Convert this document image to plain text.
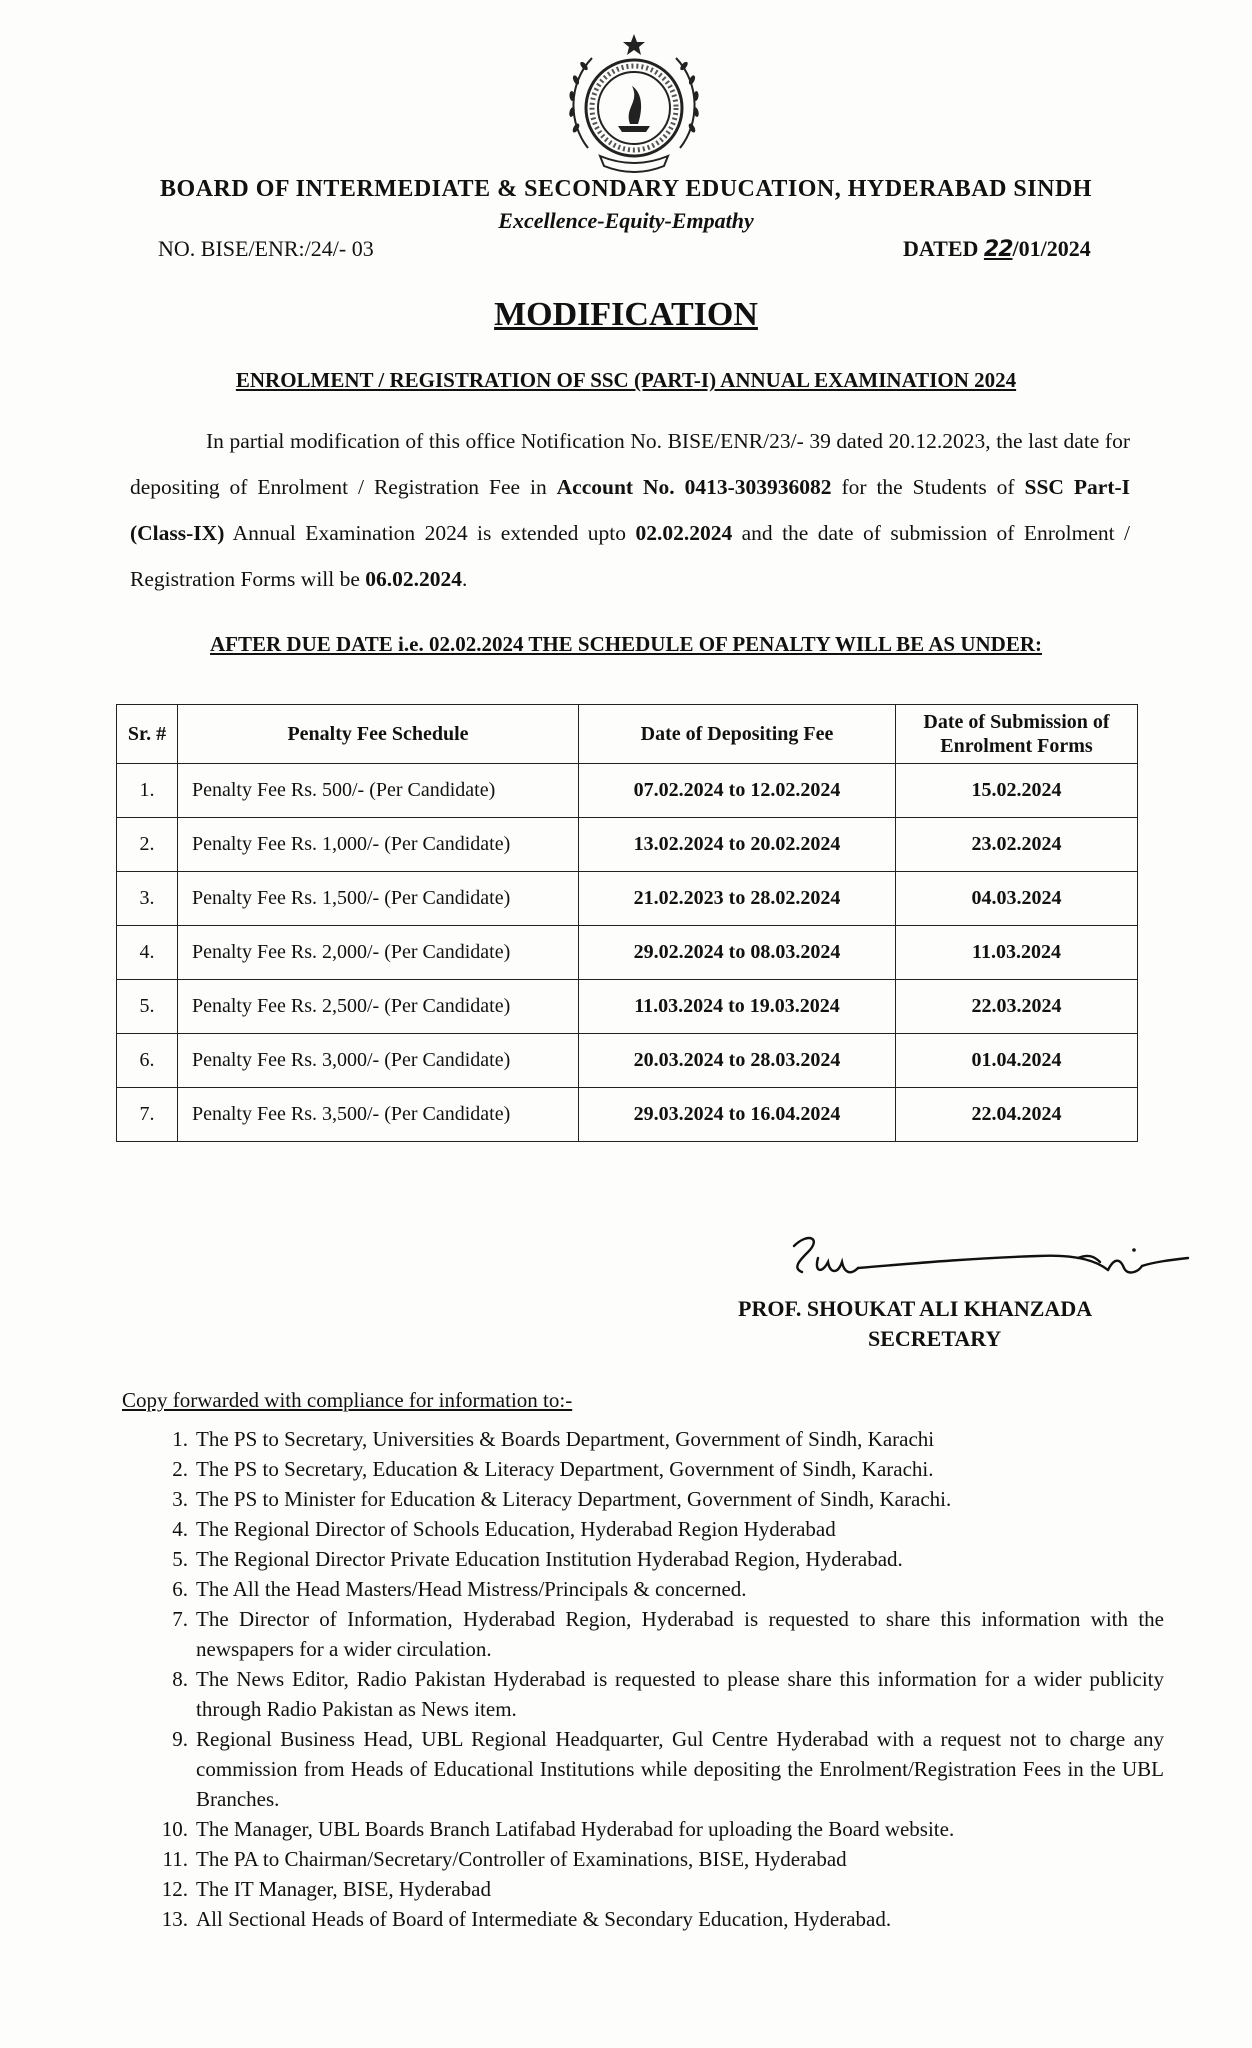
BOARD OF INTERMEDIATE & SECONDARY EDUCATION, HYDERABAD SINDH
Excellence-Equity-Empathy
NO. BISE/ENR:/24/- 03	DATED 22/01/2024
MODIFICATION
ENROLMENT / REGISTRATION OF SSC (PART-I) ANNUAL EXAMINATION 2024
In partial modification of this office Notification No. BISE/ENR/23/- 39 dated 20.12.2023, the last date for depositing of Enrolment / Registration Fee in Account No. 0413-303936082 for the Students of SSC Part-I (Class-IX) Annual Examination 2024 is extended upto 02.02.2024 and the date of submission of Enrolment / Registration Forms will be 06.02.2024.
AFTER DUE DATE i.e. 02.02.2024 THE SCHEDULE OF PENALTY WILL BE AS UNDER:
Sr. #	Penalty Fee Schedule	Date of Depositing Fee	Date of Submission of Enrolment Forms
1.	Penalty Fee Rs. 500/- (Per Candidate)	07.02.2024 to 12.02.2024	15.02.2024
2.	Penalty Fee Rs. 1,000/- (Per Candidate)	13.02.2024 to 20.02.2024	23.02.2024
3.	Penalty Fee Rs. 1,500/- (Per Candidate)	21.02.2023 to 28.02.2024	04.03.2024
4.	Penalty Fee Rs. 2,000/- (Per Candidate)	29.02.2024 to 08.03.2024	11.03.2024
5.	Penalty Fee Rs. 2,500/- (Per Candidate)	11.03.2024 to 19.03.2024	22.03.2024
6.	Penalty Fee Rs. 3,000/- (Per Candidate)	20.03.2024 to 28.03.2024	01.04.2024
7.	Penalty Fee Rs. 3,500/- (Per Candidate)	29.03.2024 to 16.04.2024	22.04.2024
PROF. SHOUKAT ALI KHANZADA
SECRETARY
Copy forwarded with compliance for information to:-
1. The PS to Secretary, Universities & Boards Department, Government of Sindh, Karachi
2. The PS to Secretary, Education & Literacy Department, Government of Sindh, Karachi.
3. The PS to Minister for Education & Literacy Department, Government of Sindh, Karachi.
4. The Regional Director of Schools Education, Hyderabad Region Hyderabad
5. The Regional Director Private Education Institution Hyderabad Region, Hyderabad.
6. The All the Head Masters/Head Mistress/Principals & concerned.
7. The Director of Information, Hyderabad Region, Hyderabad is requested to share this information with the newspapers for a wider circulation.
8. The News Editor, Radio Pakistan Hyderabad is requested to please share this information for a wider publicity through Radio Pakistan as News item.
9. Regional Business Head, UBL Regional Headquarter, Gul Centre Hyderabad with a request not to charge any commission from Heads of Educational Institutions while depositing the Enrolment/Registration Fees in the UBL Branches.
10. The Manager, UBL Boards Branch Latifabad Hyderabad for uploading the Board website.
11. The PA to Chairman/Secretary/Controller of Examinations, BISE, Hyderabad
12. The IT Manager, BISE, Hyderabad
13. All Sectional Heads of Board of Intermediate & Secondary Education, Hyderabad.
